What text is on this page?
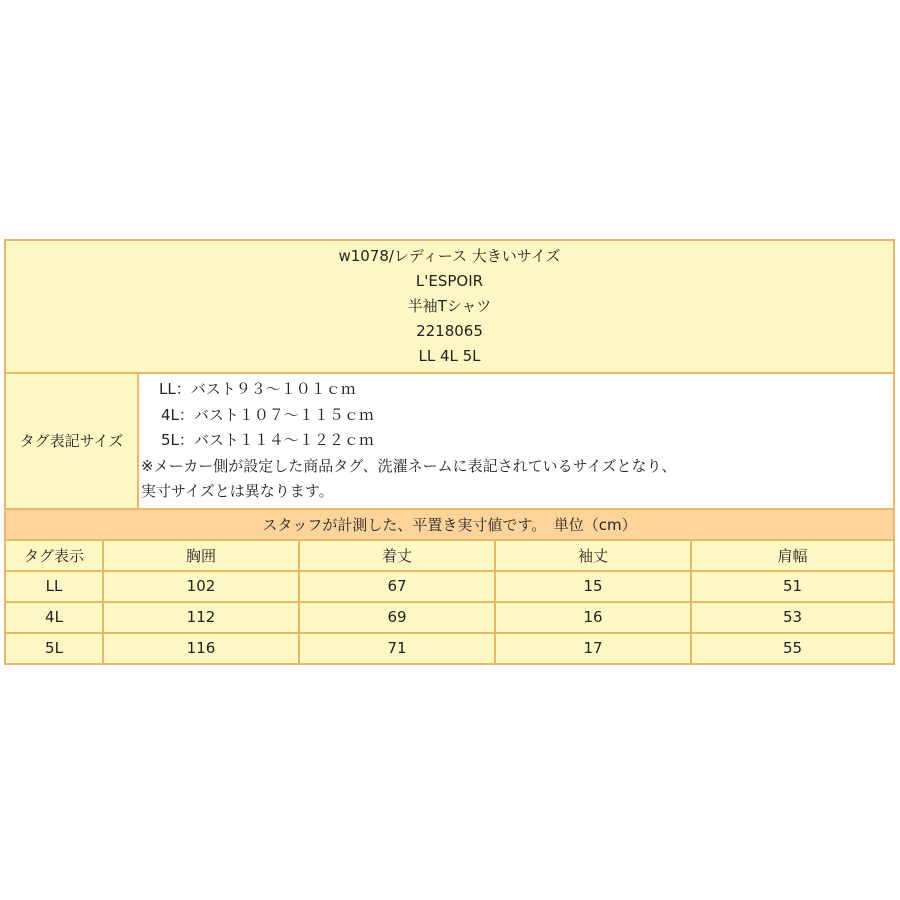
w1078/レディース 大きいサイズ
L'ESPOIR
半袖Tシャツ
2218065
LL 4L 5L

タグ表記サイズ	
LL：バスト９３～１０１ｃｍ
4L：バスト１０７～１１５ｃｍ
5L：バスト１１４～１２２ｃｍ
※メーカー側が設定した商品タグ、洗濯ネームに表記されているサイズとなり、
実寸サイズとは異なります。
スタッフが計測した、平置き実寸値です。　単位（cm）				
タグ表示	胸囲	着丈	袖丈	肩幅
LL	102	67	15	51
4L	112	69	16	53
5L	116	71	17	55
